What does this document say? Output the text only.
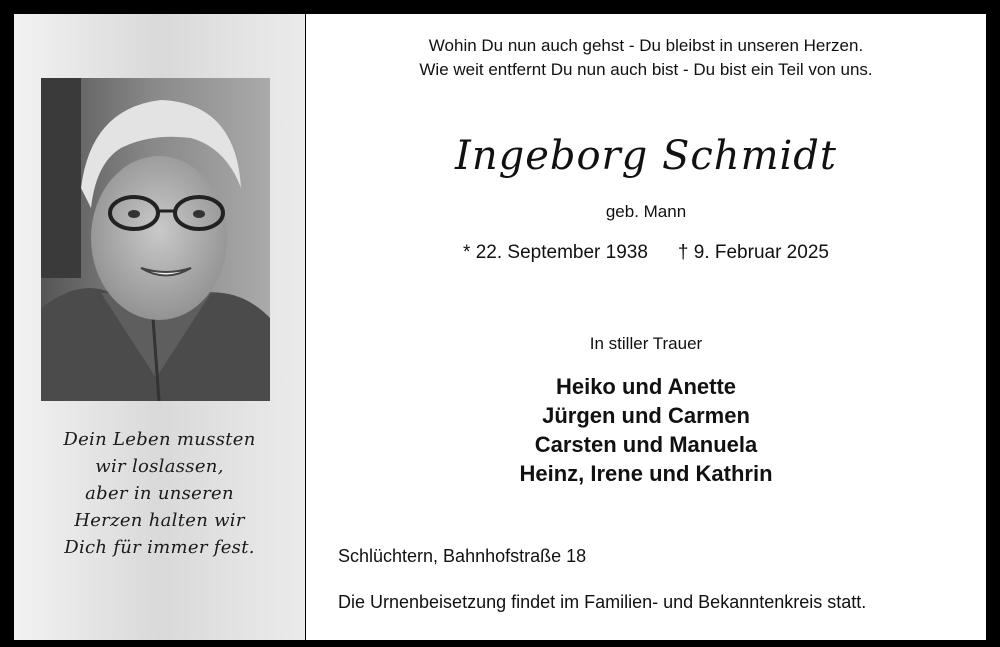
Dein Leben mussten
wir loslassen,
aber in unseren
Herzen halten wir
Dich für immer fest.
Wohin Du nun auch gehst - Du bleibst in unseren Herzen.
Wie weit entfernt Du nun auch bist - Du bist ein Teil von uns.
Ingeborg Schmidt
geb. Mann
* 22. September 1938 † 9. Februar 2025
In stiller Trauer
Heiko und Anette
Jürgen und Carmen
Carsten und Manuela
Heinz, Irene und Kathrin
Schlüchtern, Bahnhofstraße 18
Die Urnenbeisetzung findet im Familien- und Bekanntenkreis statt.
